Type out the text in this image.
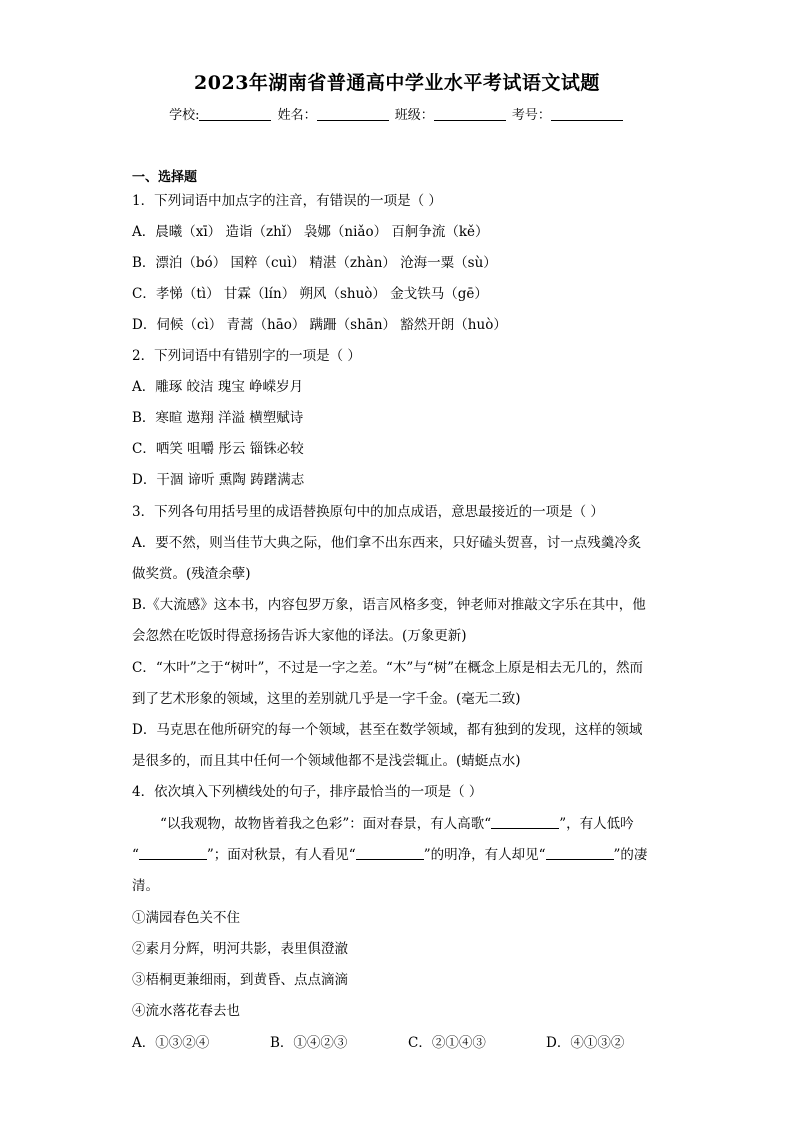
2023年湖南省普通高中学业水平考试语文试题
学校:	姓名：	班级：	考号：
一、选择题
1．下列词语中加点字的注音，有错误的一项是（ ）
A．晨曦（xī） 造诣（zhǐ） 袅娜（niǎo） 百舸争流（kě）
B．漂泊（bó） 国粹（cuì） 精湛（zhàn） 沧海一粟（sù）
C．孝悌（tì） 甘霖（lín） 朔风（shuò） 金戈铁马（gē）
D．伺候（cì） 青蒿（hāo） 蹒跚（shān） 豁然开朗（huò）
2．下列词语中有错别字的一项是（ ）
A．雕琢 皎洁 瑰宝 峥嵘岁月
B．寒暄 遨翔 洋溢 横塑赋诗
C．哂笑 咀嚼 彤云 锱铢必较
D．干涸 谛听 熏陶 踌躇满志
3．下列各句用括号里的成语替换原句中的加点成语，意思最接近的一项是（ ）
A．要不然，则当佳节大典之际，他们拿不出东西来，只好磕头贺喜，讨一点残羹冷炙
做奖赏。(残渣余孽)
B.《大流感》这本书，内容包罗万象，语言风格多变，钟老师对推敲文字乐在其中，他
会忽然在吃饭时得意扬扬告诉大家他的译法。(万象更新)
C．“木叶”之于“树叶”，不过是一字之差。“木”与“树”在概念上原是相去无几的，然而
到了艺术形象的领域，这里的差别就几乎是一字千金。(毫无二致)
D．马克思在他所研究的每一个领域，甚至在数学领域，都有独到的发现，这样的领域
是很多的，而且其中任何一个领域他都不是浅尝辄止。(蜻蜓点水)
4．依次填入下列横线处的句子，排序最恰当的一项是（ ）
“以我观物，故物皆着我之色彩”：面对春景，有人高歌“	”，有人低吟
“	”；面对秋景，有人看见“	”的明净，有人却见“	”的凄
清。
①满园春色关不住
②素月分辉，明河共影，表里俱澄澈
③梧桐更兼细雨，到黄昏、点点滴滴
④流水落花春去也
A．①③②④	B．①④②③	C．②①④③	D．④①③②
